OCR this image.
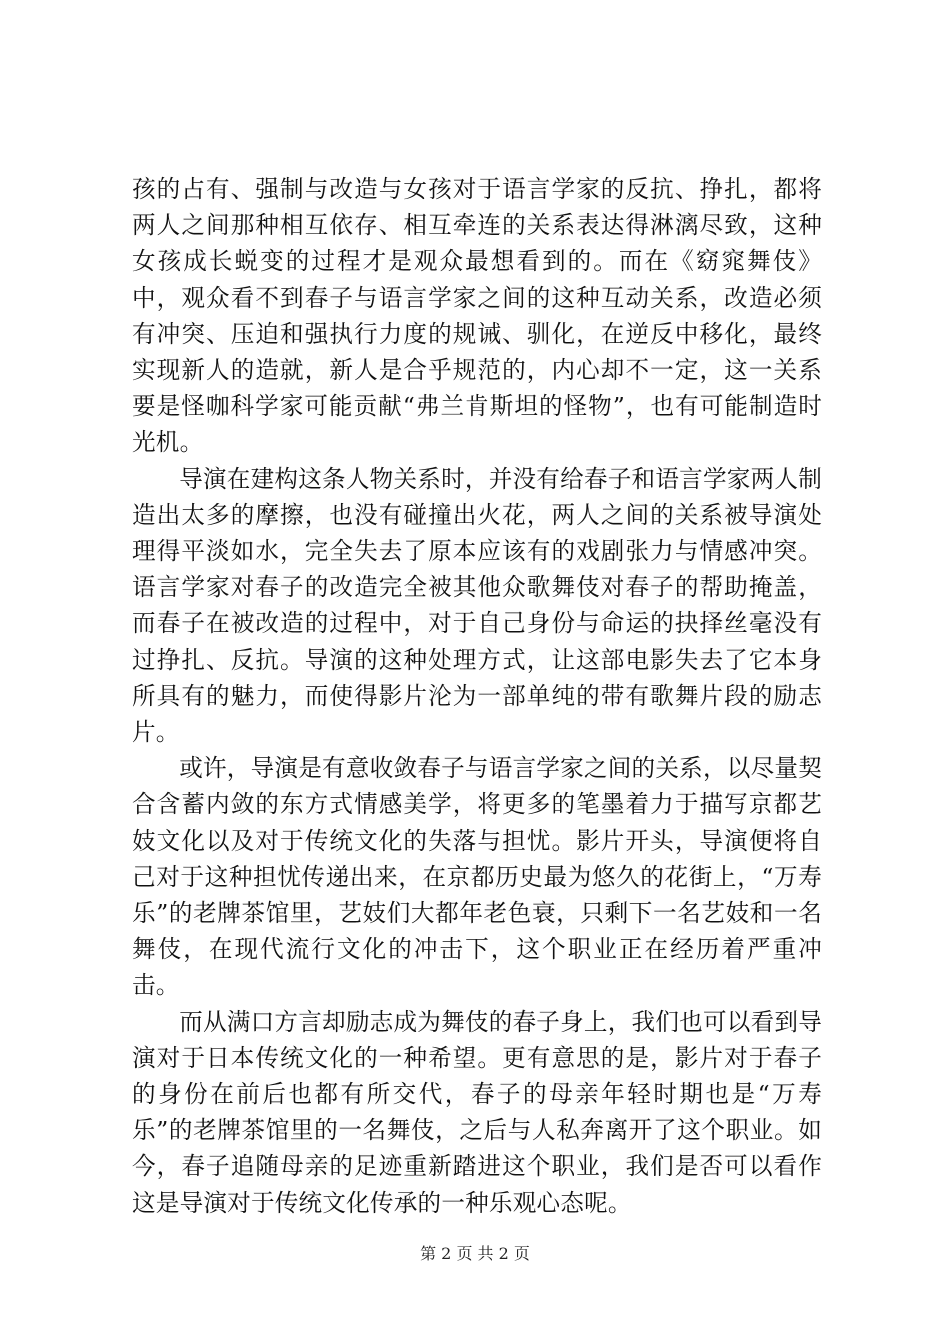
孩的占有、强制与改造与女孩对于语言学家的反抗、挣扎，都将两人之间那种相互依存、相互牵连的关系表达得淋漓尽致，这种女孩成长蜕变的过程才是观众最想看到的。而在《窈窕舞伎》中，观众看不到春子与语言学家之间的这种互动关系，改造必须有冲突、压迫和强执行力度的规诫、驯化，在逆反中移化，最终实现新人的造就，新人是合乎规范的，内心却不一定，这一关系要是怪咖科学家可能贡献“弗兰肯斯坦的怪物”，也有可能制造时光机。

导演在建构这条人物关系时，并没有给春子和语言学家两人制造出太多的摩擦，也没有碰撞出火花，两人之间的关系被导演处理得平淡如水，完全失去了原本应该有的戏剧张力与情感冲突。语言学家对春子的改造完全被其他众歌舞伎对春子的帮助掩盖，而春子在被改造的过程中，对于自己身份与命运的抉择丝毫没有过挣扎、反抗。导演的这种处理方式，让这部电影失去了它本身所具有的魅力，而使得影片沦为一部单纯的带有歌舞片段的励志片。

或许，导演是有意收敛春子与语言学家之间的关系，以尽量契合含蓄内敛的东方式情感美学，将更多的笔墨着力于描写京都艺妓文化以及对于传统文化的失落与担忧。影片开头，导演便将自己对于这种担忧传递出来，在京都历史最为悠久的花街上，“万寿乐”的老牌茶馆里，艺妓们大都年老色衰，只剩下一名艺妓和一名舞伎，在现代流行文化的冲击下，这个职业正在经历着严重冲击。

而从满口方言却励志成为舞伎的春子身上，我们也可以看到导演对于日本传统文化的一种希望。更有意思的是，影片对于春子的身份在前后也都有所交代，春子的母亲年轻时期也是“万寿乐”的老牌茶馆里的一名舞伎，之后与人私奔离开了这个职业。如今，春子追随母亲的足迹重新踏进这个职业，我们是否可以看作这是导演对于传统文化传承的一种乐观心态呢。

第 2 页 共 2 页
